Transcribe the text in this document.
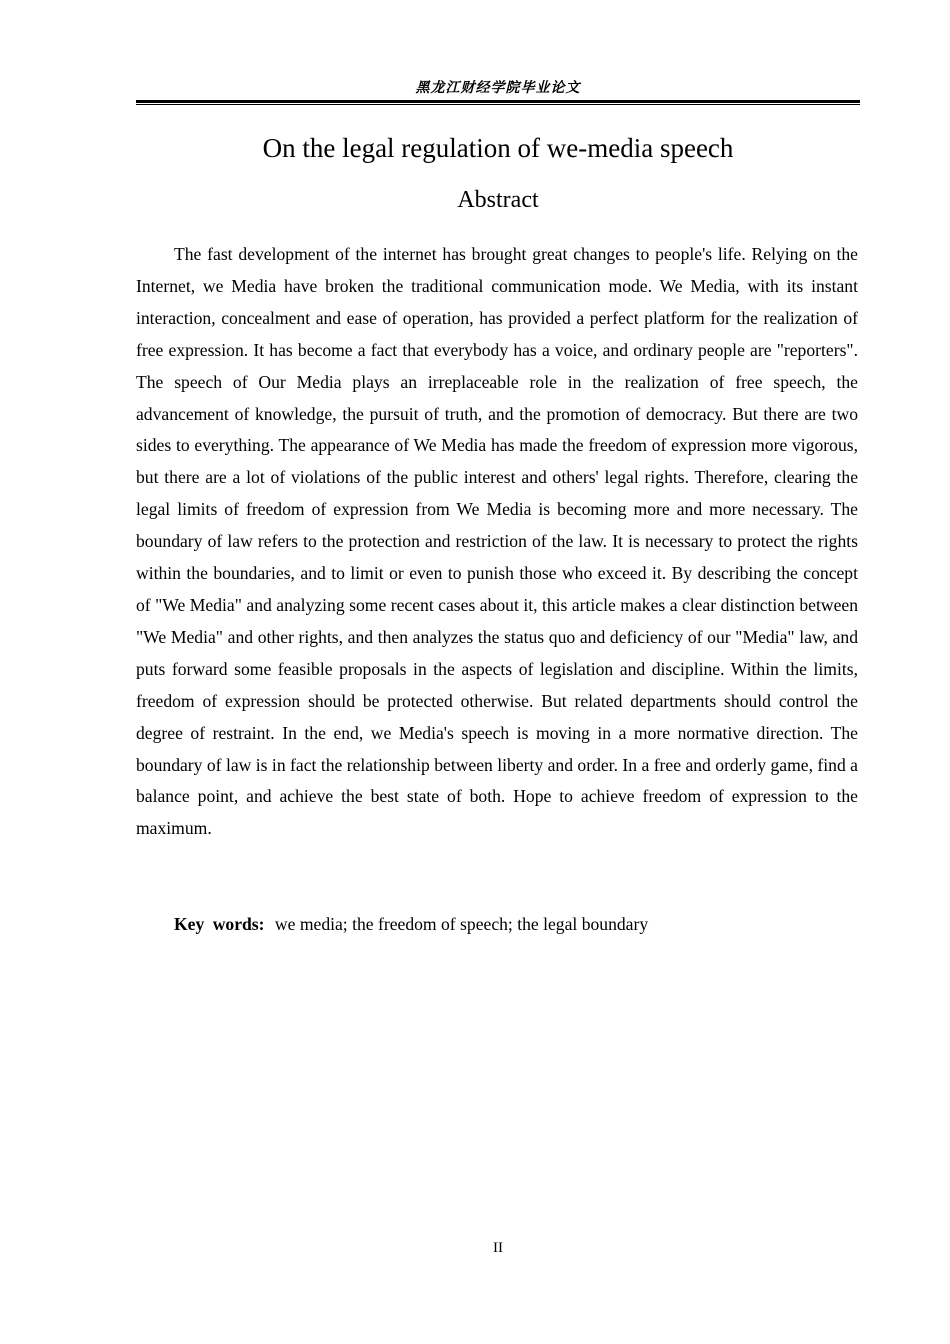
黑龙江财经学院毕业论文
On the legal regulation of we-media speech
Abstract

The fast development of the internet has brought great changes to people's life. Relying on the Internet, we Media have broken the traditional communication mode. We Media, with its instant interaction, concealment and ease of operation, has provided a perfect platform for the realization of free expression. It has become a fact that everybody has a voice, and ordinary people are "reporters". The speech of Our Media plays an irreplaceable role in the realization of free speech, the advancement of knowledge, the pursuit of truth, and the promotion of democracy. But there are two sides to everything. The appearance of We Media has made the freedom of expression more vigorous, but there are a lot of violations of the public interest and others' legal rights. Therefore, clearing the legal limits of freedom of expression from We Media is becoming more and more necessary. The boundary of law refers to the protection and restriction of the law. It is necessary to protect the rights within the boundaries, and to limit or even to punish those who exceed it. By describing the concept of "We Media" and analyzing some recent cases about it, this article makes a clear distinction between "We Media" and other rights, and then analyzes the status quo and deficiency of our "Media" law, and puts forward some feasible proposals in the aspects of legislation and discipline. Within the limits, freedom of expression should be protected otherwise. But related departments should control the degree of restraint. In the end, we Media's speech is moving in a more normative direction. The boundary of law is in fact the relationship between liberty and order. In a free and orderly game, find a balance point, and achieve the best state of both. Hope to achieve freedom of expression to the maximum.

Key words: we media; the freedom of speech; the legal boundary
II
